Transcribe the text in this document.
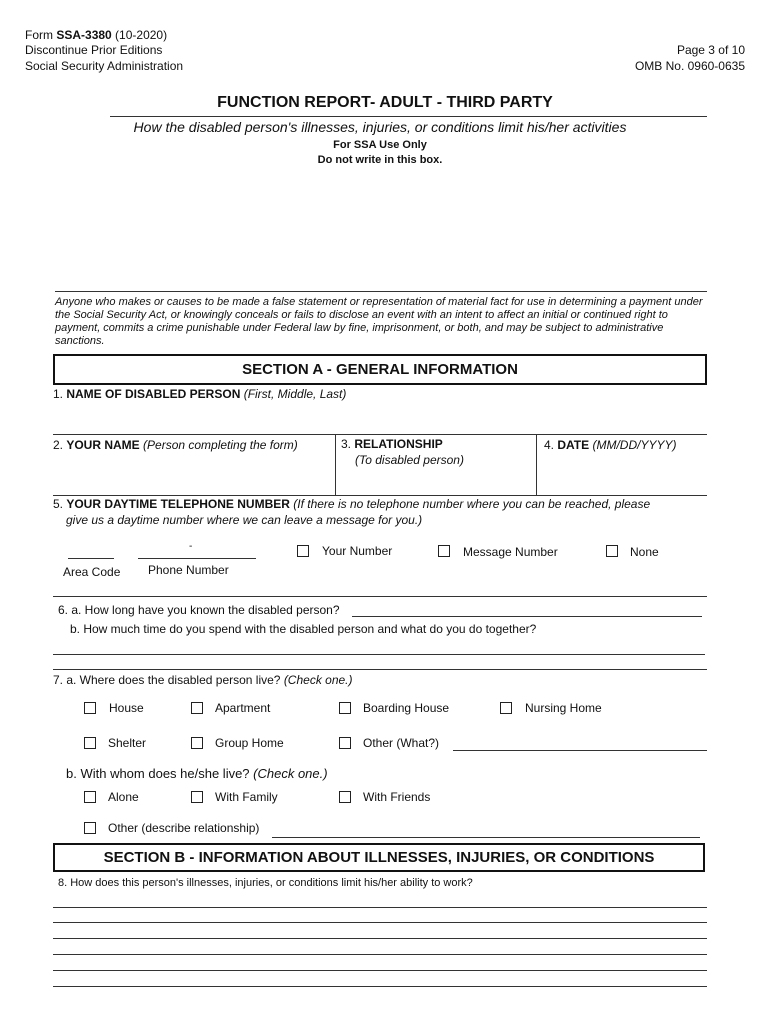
Form SSA-3380 (10-2020)
Discontinue Prior Editions
Social Security Administration
Page 3 of 10
OMB No. 0960-0635
FUNCTION REPORT- ADULT - THIRD PARTY
How the disabled person's illnesses, injuries, or conditions limit his/her activities
For SSA Use Only
Do not write in this box.
Anyone who makes or causes to be made a false statement or representation of material fact for use in determining a payment under the Social Security Act, or knowingly conceals or fails to disclose an event with an intent to affect an initial or continued right to payment, commits a crime punishable under Federal law by fine, imprisonment, or both, and may be subject to administrative sanctions.
SECTION A - GENERAL INFORMATION
1. NAME OF DISABLED PERSON (First, Middle, Last)
2. YOUR NAME (Person completing the form)	3. RELATIONSHIP
(To disabled person)
4. DATE (MM/DD/YYYY)
5. YOUR DAYTIME TELEPHONE NUMBER (If there is no telephone number where you can be reached, please
give us a daytime number where we can leave a message for you.)
-
Area Code Phone Number
Your Number	Message Number	None
6. a. How long have you known the disabled person?
b. How much time do you spend with the disabled person and what do you do together?
7. a. Where does the disabled person live? (Check one.)
House	Apartment	Boarding House	Nursing Home
Shelter	Group Home	Other (What?)
b. With whom does he/she live? (Check one.)
Alone	With Family	With Friends
Other (describe relationship)
SECTION B - INFORMATION ABOUT ILLNESSES, INJURIES, OR CONDITIONS
8. How does this person's illnesses, injuries, or conditions limit his/her ability to work?
